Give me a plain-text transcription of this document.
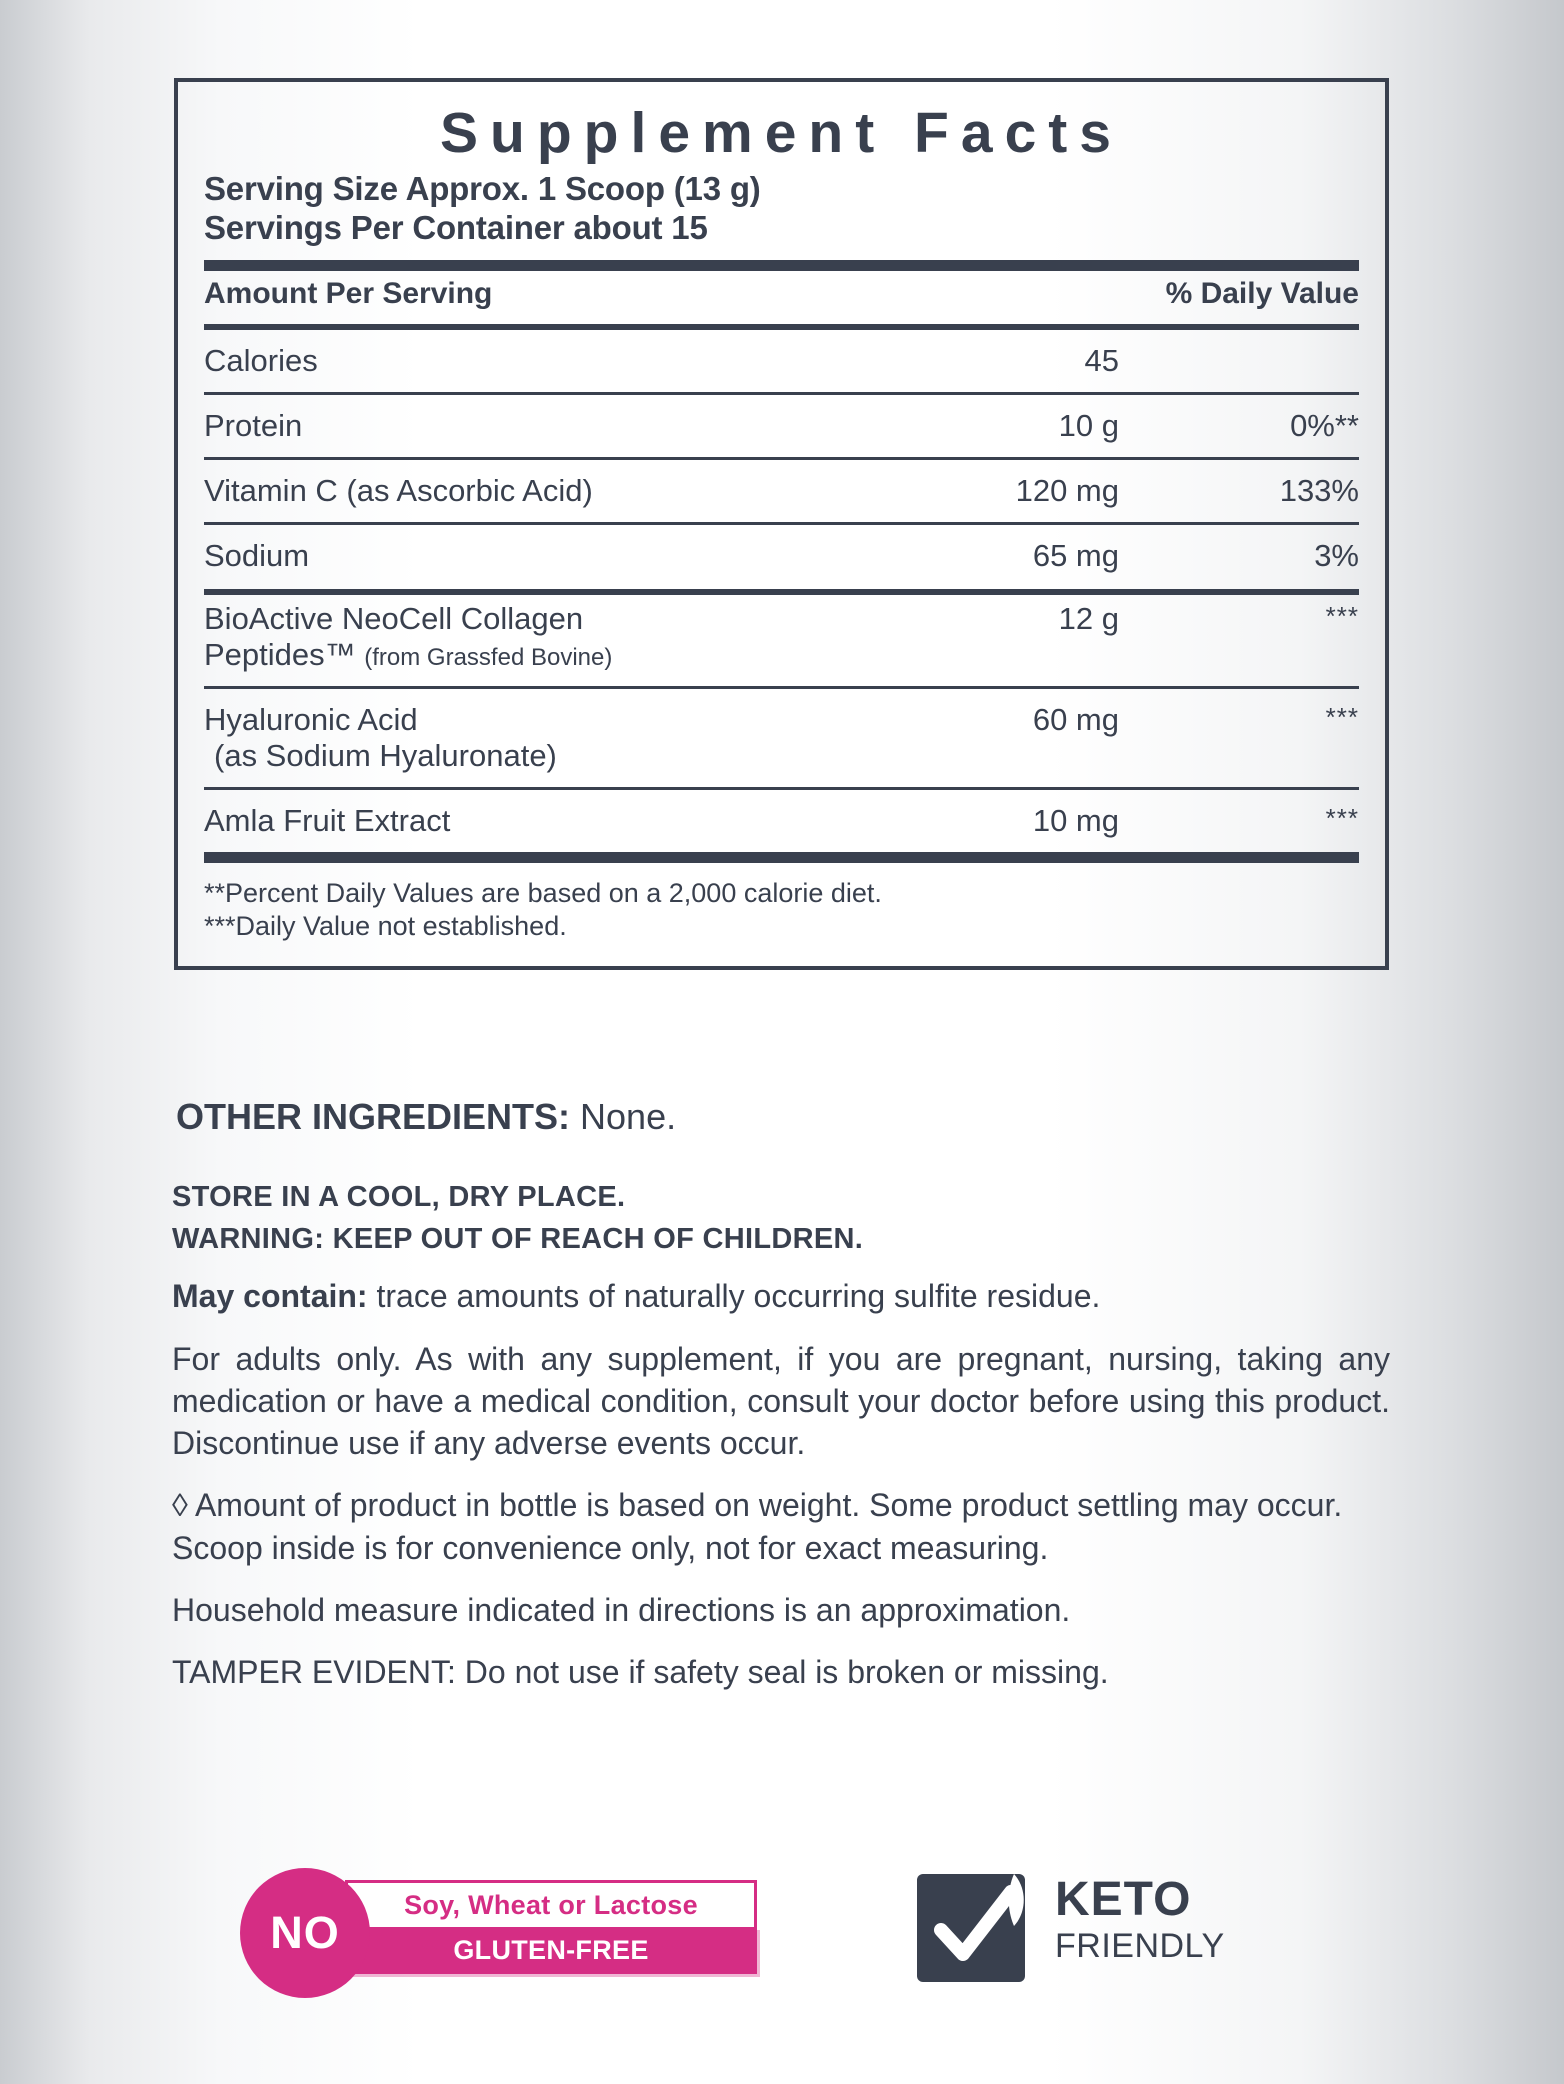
Supplement Facts
Serving Size Approx. 1 Scoop (13 g)
Servings Per Container about 15
Amount Per Serving		% Daily Value

Calories	45	

Protein	10 g	0%**

Vitamin C (as Ascorbic Acid)	120 mg	133%

Sodium	65 mg	3%
BioActive NeoCell Collagen
Peptides™ (from Grassfed Bovine)	12 g	***

Hyaluronic Acid
(as Sodium Hyaluronate)	60 mg	***

Amla Fruit Extract	10 mg	***
**Percent Daily Values are based on a 2,000 calorie diet.
***Daily Value not established.
OTHER INGREDIENTS: None.
STORE IN A COOL, DRY PLACE.
WARNING: KEEP OUT OF REACH OF CHILDREN.
May contain: trace amounts of naturally occurring sulfite residue.
For adults only. As with any supplement, if you are pregnant, nursing, taking any medication or have a medical condition, consult your doctor before using this product. Discontinue use if any adverse events occur.
◊ Amount of product in bottle is based on weight. Some product settling may occur. Scoop inside is for convenience only, not for exact measuring.
Household measure indicated in directions is an approximation.
TAMPER EVIDENT: Do not use if safety seal is broken or missing.
Soy, Wheat or Lactose
GLUTEN-FREE
NO
KETO
FRIENDLY
